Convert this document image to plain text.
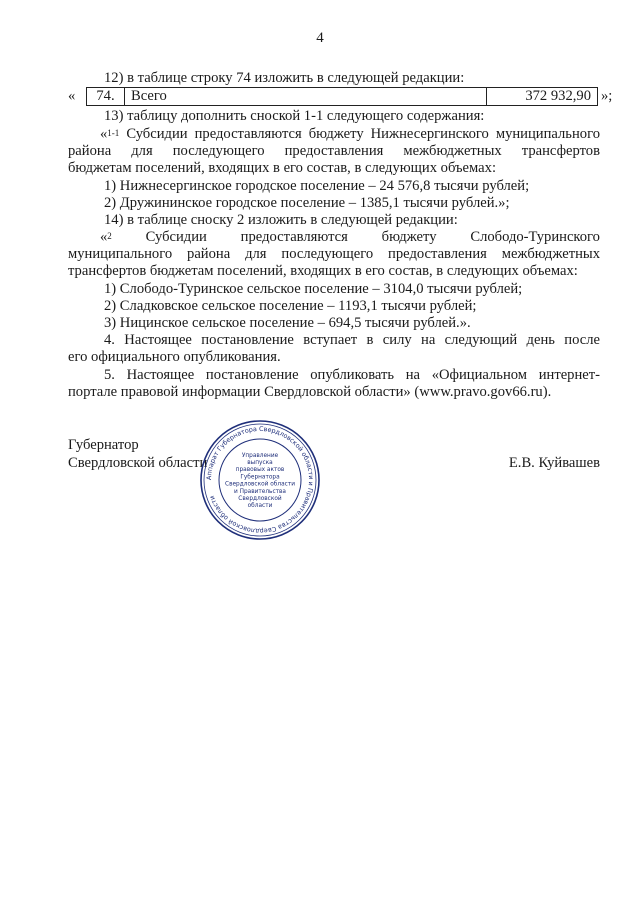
4
12) в таблице строку 74 изложить в следующей редакции:
«	74.	Всего	372 932,90 »;
13) таблицу дополнить сноской 1-1 следующего содержания:
«$^{1-1}$ Субсидии предоставляются бюджету Нижнесергинского муниципального
района для последующего предоставления межбюджетных трансфертов
бюджетам поселений, входящих в его состав, в следующих объемах:
1) Нижнесергинское городское поселение – 24 576,8 тысячи рублей;
2) Дружининское городское поселение – 1385,1 тысячи рублей.»;
14) в таблице сноску 2 изложить в следующей редакции:
«$^2$ Субсидии предоставляются бюджету Слободо-Туринского
муниципального района для последующего предоставления межбюджетных
трансфертов бюджетам поселений, входящих в его состав, в следующих объемах:
1) Слободо-Туринское сельское поселение – 3104,0 тысячи рублей;
2) Сладковское сельское поселение – 1193,1 тысячи рублей;
3) Ницинское сельское поселение – 694,5 тысячи рублей.».
4. Настоящее постановление вступает в силу на следующий день после
его официального опубликования.
5. Настоящее постановление опубликовать на «Официальном интернет-
портале правовой информации Свердловской области» (www.pravo.gov66.ru).
Губернатор
Свердловской области
Аппарат Губернатора Свердловской области и Правительства Свердловской области
Управление
выпуска
правовых актов
Губернатора
Свердловской области
и Правительства
Свердловской
области
Е.В. Куйвашев
